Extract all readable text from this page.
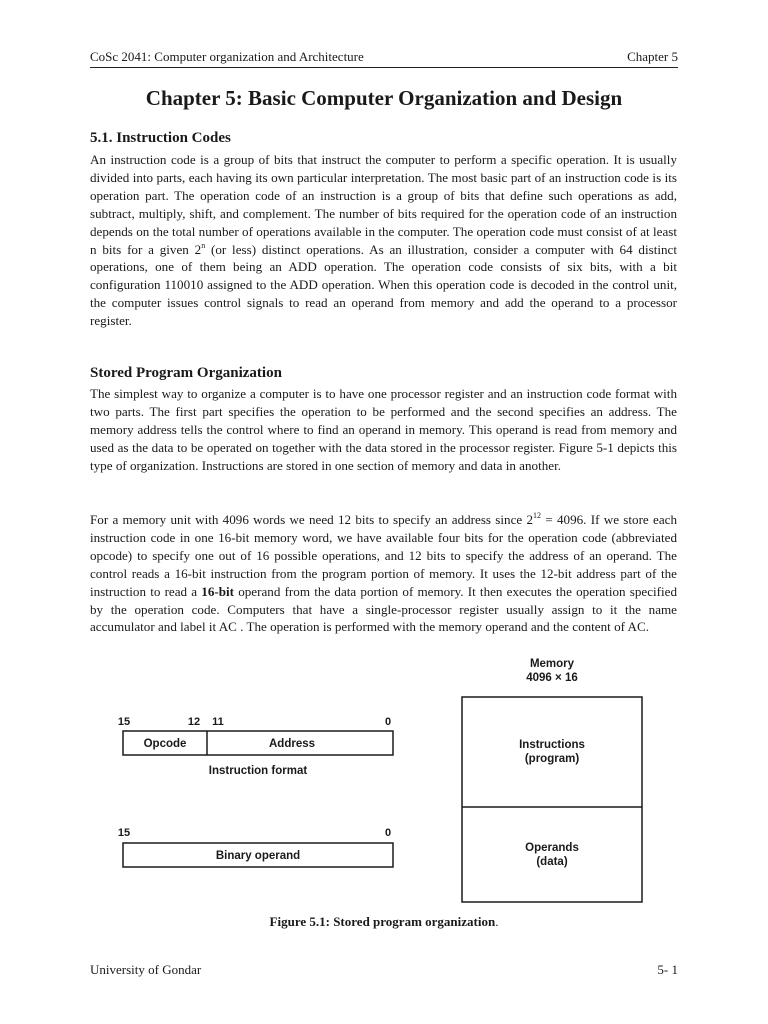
CoSc 2041: Computer organization and Architecture	Chapter 5
Chapter 5: Basic Computer Organization and Design
5.1. Instruction Codes

An instruction code is a group of bits that instruct the computer to perform a specific operation. It is usually divided into parts, each having its own particular interpretation. The most basic part of an instruction code is its operation part. The operation code of an instruction is a group of bits that define such operations as add, subtract, multiply, shift, and complement. The number of bits required for the operation code of an instruction depends on the total number of operations available in the computer. The operation code must consist of at least n bits for a given 2$^n$ (or less) distinct operations. As an illustration, consider a computer with 64 distinct operations, one of them being an ADD operation. The operation code consists of six bits, with a bit configuration 110010 assigned to the ADD operation. When this operation code is decoded in the control unit, the computer issues control signals to read an operand from memory and add the operand to a processor register.

Stored Program Organization

The simplest way to organize a computer is to have one processor register and an instruction code format with two parts. The first part specifies the operation to be performed and the second specifies an address. The memory address tells the control where to find an operand in memory. This operand is read from memory and used as the data to be operated on together with the data stored in the processor register. Figure 5-1 depicts this type of organization. Instructions are stored in one section of memory and data in another.

For a memory unit with 4096 words we need 12 bits to specify an address since $2^{12} = 4096$. If we store each instruction code in one 16-bit memory word, we have available four bits for the operation code (abbreviated opcode) to specify one out of 16 possible operations, and 12 bits to specify the address of an operand. The control reads a 16-bit instruction from the program portion of memory. It uses the 12-bit address part of the instruction to read a 16-bit operand from the data portion of memory. It then executes the operation specified by the operation code. Computers that have a single-processor register usually assign to it the name accumulator and label it AC . The operation is performed with the memory operand and the content of AC.

15	12 11	0
Opcode	Address
Instruction format
15	0
Binary operand
Memory
4096 × 16
Instructions
(program)
Operands
(data)

Figure 5.1: Stored program organization.

University of Gondar	5- 1
